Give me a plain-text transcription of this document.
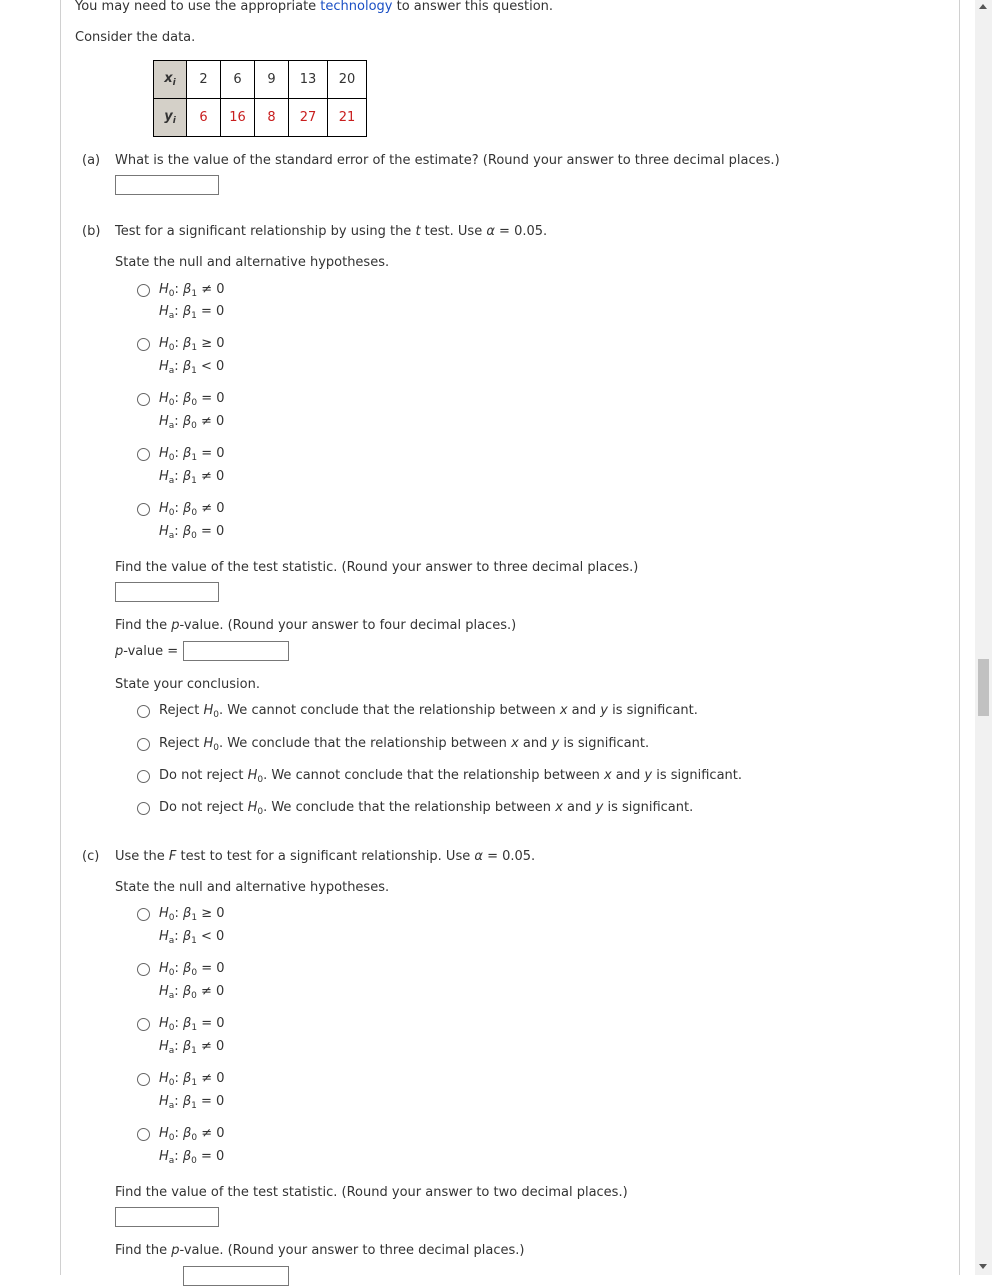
You may need to use the appropriate technology to answer this question.
Consider the data.
$x_i$	2	6	9	13	20
$y_i$	6	16	8	27	21
(a) What is the value of the standard error of the estimate? (Round your answer to three decimal places.)
(b) Test for a significant relationship by using the t test. Use α = 0.05.
State the null and alternative hypotheses.
$H_0$: $\beta_1 \ne 0$
$H_a$: $\beta_1 = 0$
$H_0$: $\beta_1 \ge 0$
$H_a$: $\beta_1 < 0$
$H_0$: $\beta_0 = 0$
$H_a$: $\beta_0 \ne 0$
$H_0$: $\beta_1 = 0$
$H_a$: $\beta_1 \ne 0$
$H_0$: $\beta_0 \ne 0$
$H_a$: $\beta_0 = 0$
Find the value of the test statistic. (Round your answer to three decimal places.)
Find the p-value. (Round your answer to four decimal places.)
p-value =
State your conclusion.
Reject $H_0$. We cannot conclude that the relationship between x and y is significant.
Reject $H_0$. We conclude that the relationship between x and y is significant.
Do not reject $H_0$. We cannot conclude that the relationship between x and y is significant.
Do not reject $H_0$. We conclude that the relationship between x and y is significant.
(c) Use the F test to test for a significant relationship. Use α = 0.05.
State the null and alternative hypotheses.
$H_0$: $\beta_1 \ge 0$
$H_a$: $\beta_1 < 0$
$H_0$: $\beta_0 = 0$
$H_a$: $\beta_0 \ne 0$
$H_0$: $\beta_1 = 0$
$H_a$: $\beta_1 \ne 0$
$H_0$: $\beta_1 \ne 0$
$H_a$: $\beta_1 = 0$
$H_0$: $\beta_0 \ne 0$
$H_a$: $\beta_0 = 0$
Find the value of the test statistic. (Round your answer to two decimal places.)
Find the p-value. (Round your answer to three decimal places.)
